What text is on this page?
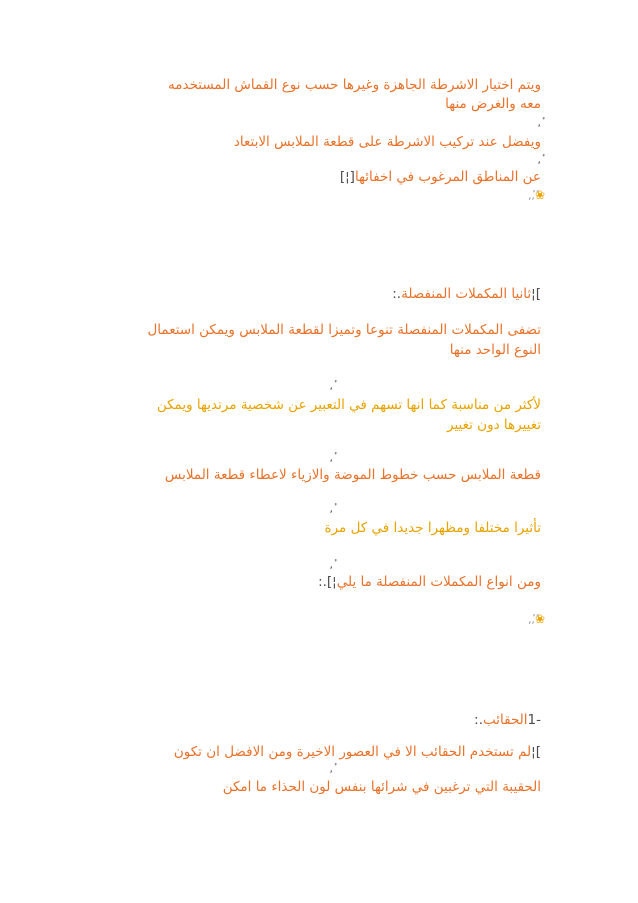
ويتم اختيار الاشرطة الجاهزة وغيرها حسب نوع القماش المستخدمه
معه والغرض منها
ٔ,
ويفضل عند تركيب الاشرطة على قطعة الملابس الابتعاد
ٔ,
عن المناطق المرغوب في اخفائها[¦]
❀ٔ,ٔ,
]¦ثانيا المكملات المنفصلة.:
تضفى المكملات المنفصلة تنوعا وتميزا لقطعة الملابس ويمكن استعمال
النوع الواحد منها
ٔ,
لأكثر من مناسبة كما انها تسهم في التعبير عن شخصية مرتديها ويمكن
تغييرها دون تغيير
ٔ,
قطعة الملابس حسب خطوط الموضة والازياء لاعطاء قطعة الملابس
ٔ,
تأثيرا مختلفا ومظهرا جديدا في كل مرة
ٔ,
ومن انواع المكملات المنفصلة ما يلي¦].:
❀ٔ,ٔ,
-1الحقائب.:
]¦لم تستخدم الحقائب الا في العصور الاخيرة ومن الافضل ان تكون
ٔ,
الحقيبة التي ترغبين في شرائها بنفس لون الحذاء ما امكن
